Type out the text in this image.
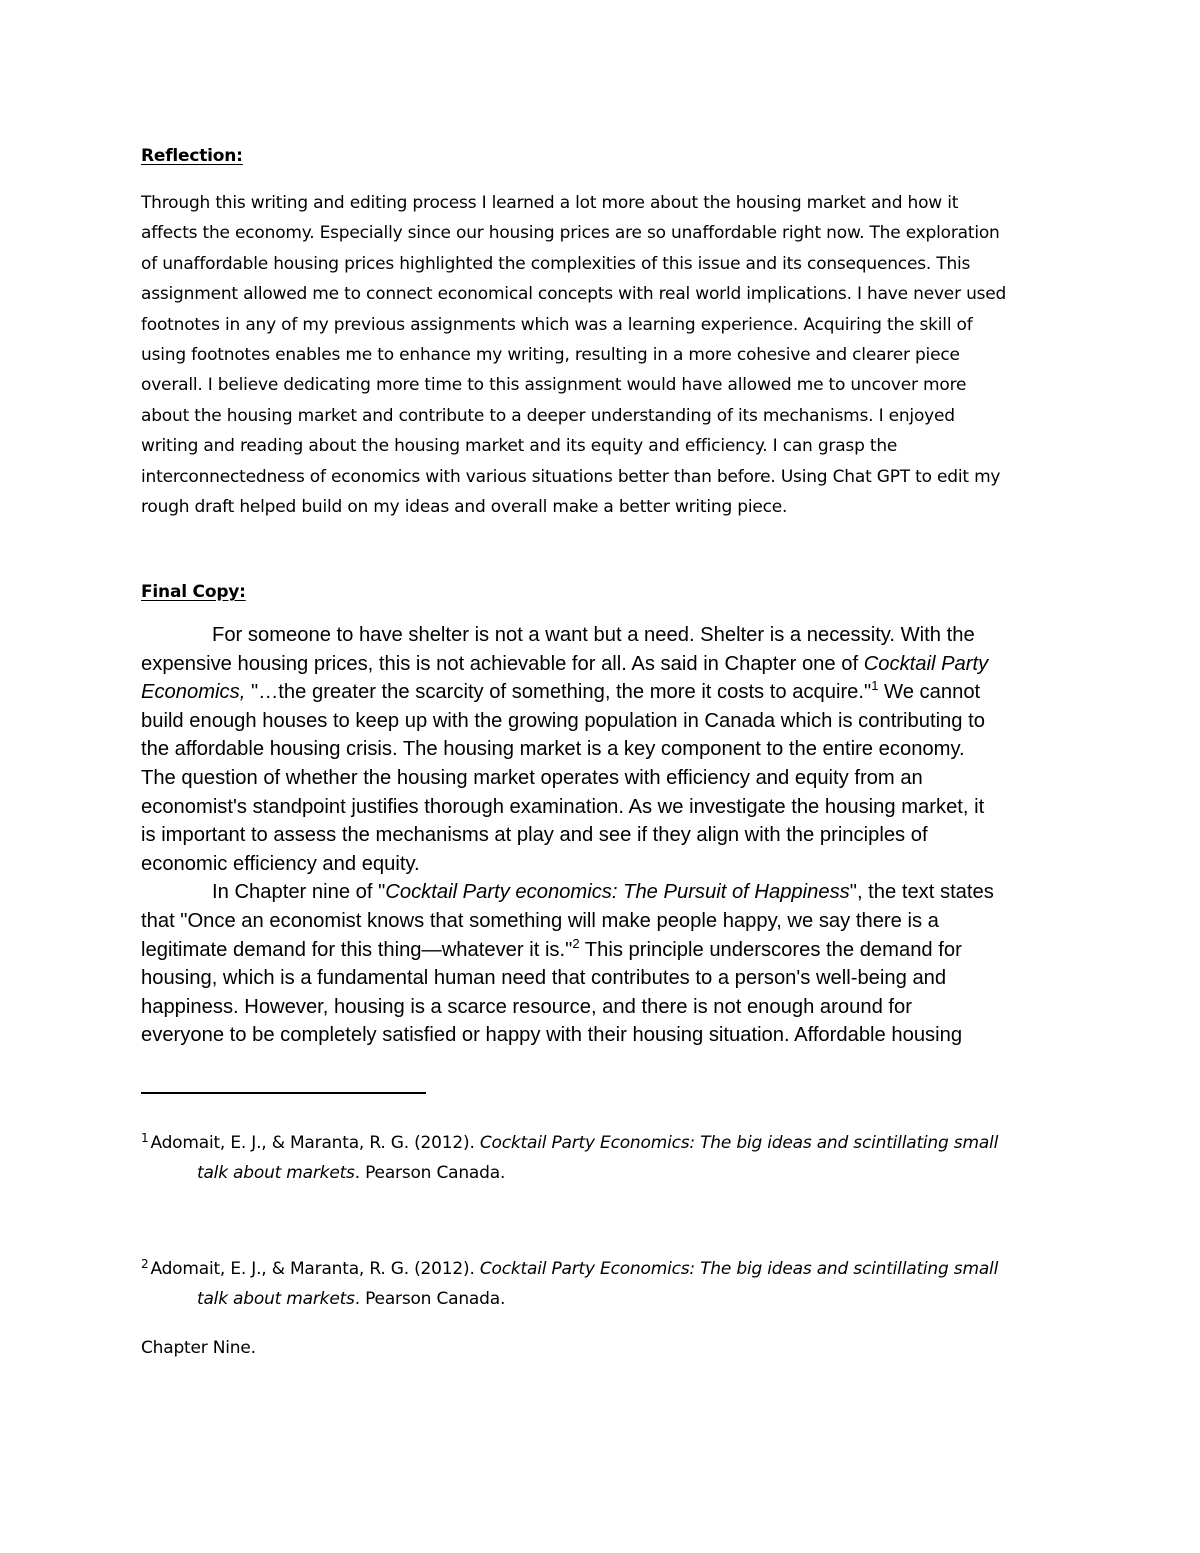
Reflection:
Through this writing and editing process I learned a lot more about the housing market and how it
affects the economy. Especially since our housing prices are so unaffordable right now. The exploration
of unaffordable housing prices highlighted the complexities of this issue and its consequences. This
assignment allowed me to connect economical concepts with real world implications. I have never used
footnotes in any of my previous assignments which was a learning experience. Acquiring the skill of
using footnotes enables me to enhance my writing, resulting in a more cohesive and clearer piece
overall. I believe dedicating more time to this assignment would have allowed me to uncover more
about the housing market and contribute to a deeper understanding of its mechanisms. I enjoyed
writing and reading about the housing market and its equity and efficiency. I can grasp the
interconnectedness of economics with various situations better than before. Using Chat GPT to edit my
rough draft helped build on my ideas and overall make a better writing piece.
Final Copy:
For someone to have shelter is not a want but a need. Shelter is a necessity. With the
expensive housing prices, this is not achievable for all. As said in Chapter one of Cocktail Party
Economics, "…the greater the scarcity of something, the more it costs to acquire."$^1$ We cannot
build enough houses to keep up with the growing population in Canada which is contributing to
the affordable housing crisis. The housing market is a key component to the entire economy.
The question of whether the housing market operates with efficiency and equity from an
economist's standpoint justifies thorough examination. As we investigate the housing market, it
is important to assess the mechanisms at play and see if they align with the principles of
economic efficiency and equity.
In Chapter nine of "Cocktail Party economics: The Pursuit of Happiness", the text states
that "Once an economist knows that something will make people happy, we say there is a
legitimate demand for this thing—whatever it is."$^2$ This principle underscores the demand for
housing, which is a fundamental human need that contributes to a person's well-being and
happiness. However, housing is a scarce resource, and there is not enough around for
everyone to be completely satisfied or happy with their housing situation. Affordable housing
$^1$ Adomait, E. J., & Maranta, R. G. (2012). Cocktail Party Economics: The big ideas and scintillating small
talk about markets. Pearson Canada.
$^2$ Adomait, E. J., & Maranta, R. G. (2012). Cocktail Party Economics: The big ideas and scintillating small
talk about markets. Pearson Canada.
Chapter Nine.
